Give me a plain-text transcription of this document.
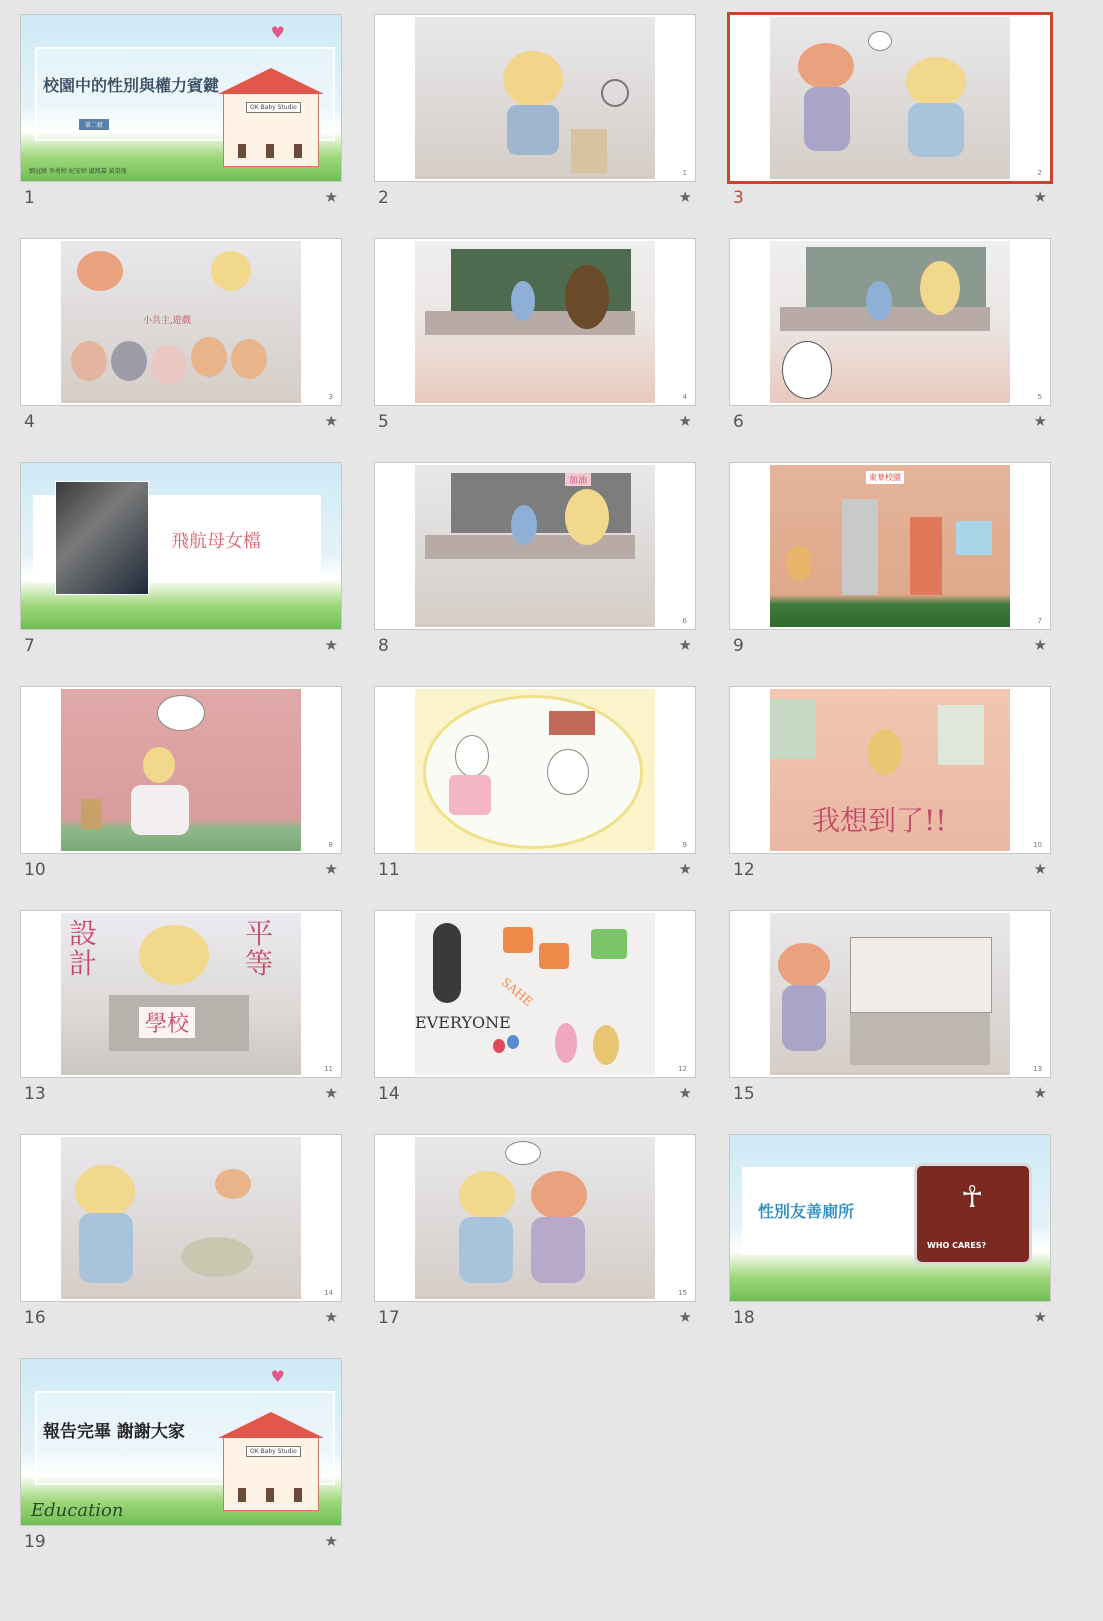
校園中的性別與權力賓鍵
第二組
♥
OK Baby Studio
劉冠緯 李勇婷 紀安婷 盧熙嘉 黃榮瑾
1	★
1
2	★
2
3	★
小共主,遊戲
3
4	★
4
5	★
5
6	★
飛航母女檔
7	★
加油
6
8	★
東華校園
7
9	★
8
10	★
9
11	★
我想到了!!
10
12	★
設計
平等
學校
11
13	★
EVERYONE
SAHE
12
14	★
13
15	★
14
16	★
15
17	★
性別友善廁所	☥
WHO CARES?
18	★
報告完畢 謝謝大家
♥
OK Baby Studio
Education
19	★
